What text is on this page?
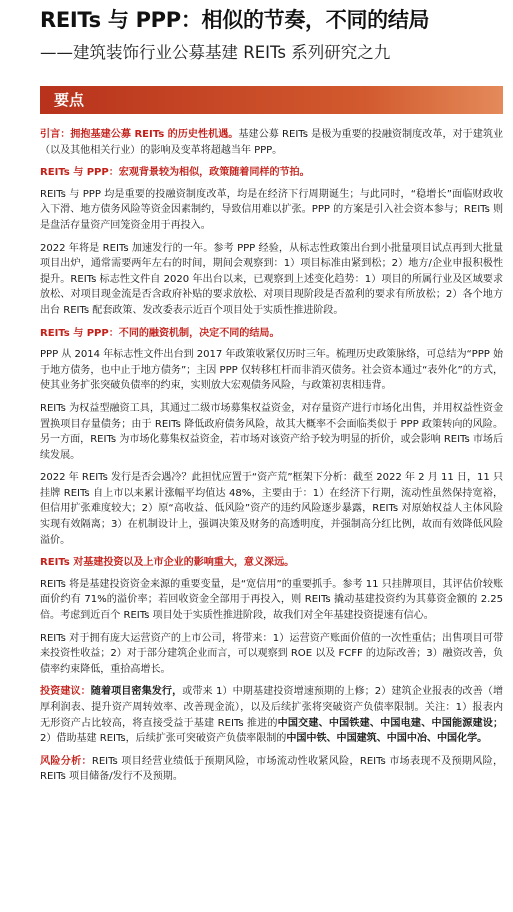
REITs 与 PPP：相似的节奏，不同的结局
——建筑装饰行业公募基建 REITs 系列研究之九
要点

引言：拥抱基建公募 REITs 的历史性机遇。基建公募 REITs 是极为重要的投融资制度改革，对于建筑业（以及其他相关行业）的影响及变革将超越当年 PPP。

REITs 与 PPP：宏观背景较为相似，政策随着同样的节拍。

REITs 与 PPP 均是重要的投融资制度改革，均是在经济下行周期诞生；与此同时，“稳增长”面临财政收入下滑、地方债务风险等资金因素制约，导致信用难以扩张。PPP 的方案是引入社会资本参与；REITs 则是盘活存量资产回笼资金用于再投入。

2022 年将是 REITs 加速发行的一年。参考 PPP 经验，从标志性政策出台到小批量项目试点再到大批量项目出炉，通常需要两年左右的时间，期间会观察到：1）项目标准由紧到松；2）地方/企业申报积极性提升。REITs 标志性文件自 2020 年出台以来，已观察到上述变化趋势：1）项目的所属行业及区域要求放松、对项目现金流是否含政府补贴的要求放松、对项目现阶段是否盈利的要求有所放松；2）各个地方出台 REITs 配套政策、发改委表示近百个项目处于实质性推进阶段。

REITs 与 PPP：不同的融资机制，决定不同的结局。

PPP 从 2014 年标志性文件出台到 2017 年政策收紧仅历时三年。梳理历史政策脉络，可总结为“PPP 始于地方债务，也中止于地方债务”；主因 PPP 仅转移杠杆而非消灭债务。社会资本通过“表外化”的方式，使其业务扩张突破负债率的约束，实则放大宏观债务风险，与政策初衷相违背。

REITs 为权益型融资工具，其通过二级市场募集权益资金，对存量资产进行市场化出售，并用权益性资金置换项目存量债务；由于 REITs 降低政府债务风险，故其大概率不会面临类似于 PPP 政策转向的风险。另一方面，REITs 为市场化募集权益资金，若市场对该资产给予较为明显的折价，或会影响 REITs 市场后续发展。

2022 年 REITs 发行是否会遇冷？此担忧应置于“资产荒”框架下分析：截至 2022 年 2 月 11 日，11 只挂牌 REITs 自上市以来累计涨幅平均值达 48%，主要由于：1）在经济下行期，流动性虽然保持宽裕，但信用扩张难度较大；2）原“高收益、低风险”资产的违约风险逐步暴露，REITs 对原始权益人主体风险实现有效隔离；3）在机制设计上，强调决策及财务的高透明度，并强制高分红比例，故而有效降低风险溢价。

REITs 对基建投资以及上市企业的影响重大，意义深远。

REITs 将是基建投资资金来源的重要变量，是“宽信用”的重要抓手。参考 11 只挂牌项目，其评估价较账面价约有 71%的溢价率；若回收资金全部用于再投入，则 REITs 撬动基建投资约为其募资金额的 2.25 倍。考虑到近百个 REITs 项目处于实质性推进阶段，故我们对全年基建投资提速有信心。

REITs 对于拥有庞大运营资产的上市公司，将带来：1）运营资产账面价值的一次性重估；出售项目可带来投资性收益；2）对于部分建筑企业而言，可以观察到 ROE 以及 FCFF 的边际改善；3）融资改善，负债率约束降低，重拾高增长。

投资建议：随着项目密集发行，或带来 1）中期基建投资增速预期的上修；2）建筑企业报表的改善（增厚利润表、提升资产周转效率、改善现金流），以及后续扩张将突破资产负债率限制。关注：1）报表内无形资产占比较高，将直接受益于基建 REITs 推进的中国交建、中国铁建、中国电建、中国能源建设；2）借助基建 REITs，后续扩张可突破资产负债率限制的中国中铁、中国建筑、中国中冶、中国化学。

风险分析：REITs 项目经营业绩低于预期风险，市场流动性收紧风险，REITs 市场表现不及预期风险，REITs 项目储备/发行不及预期。
